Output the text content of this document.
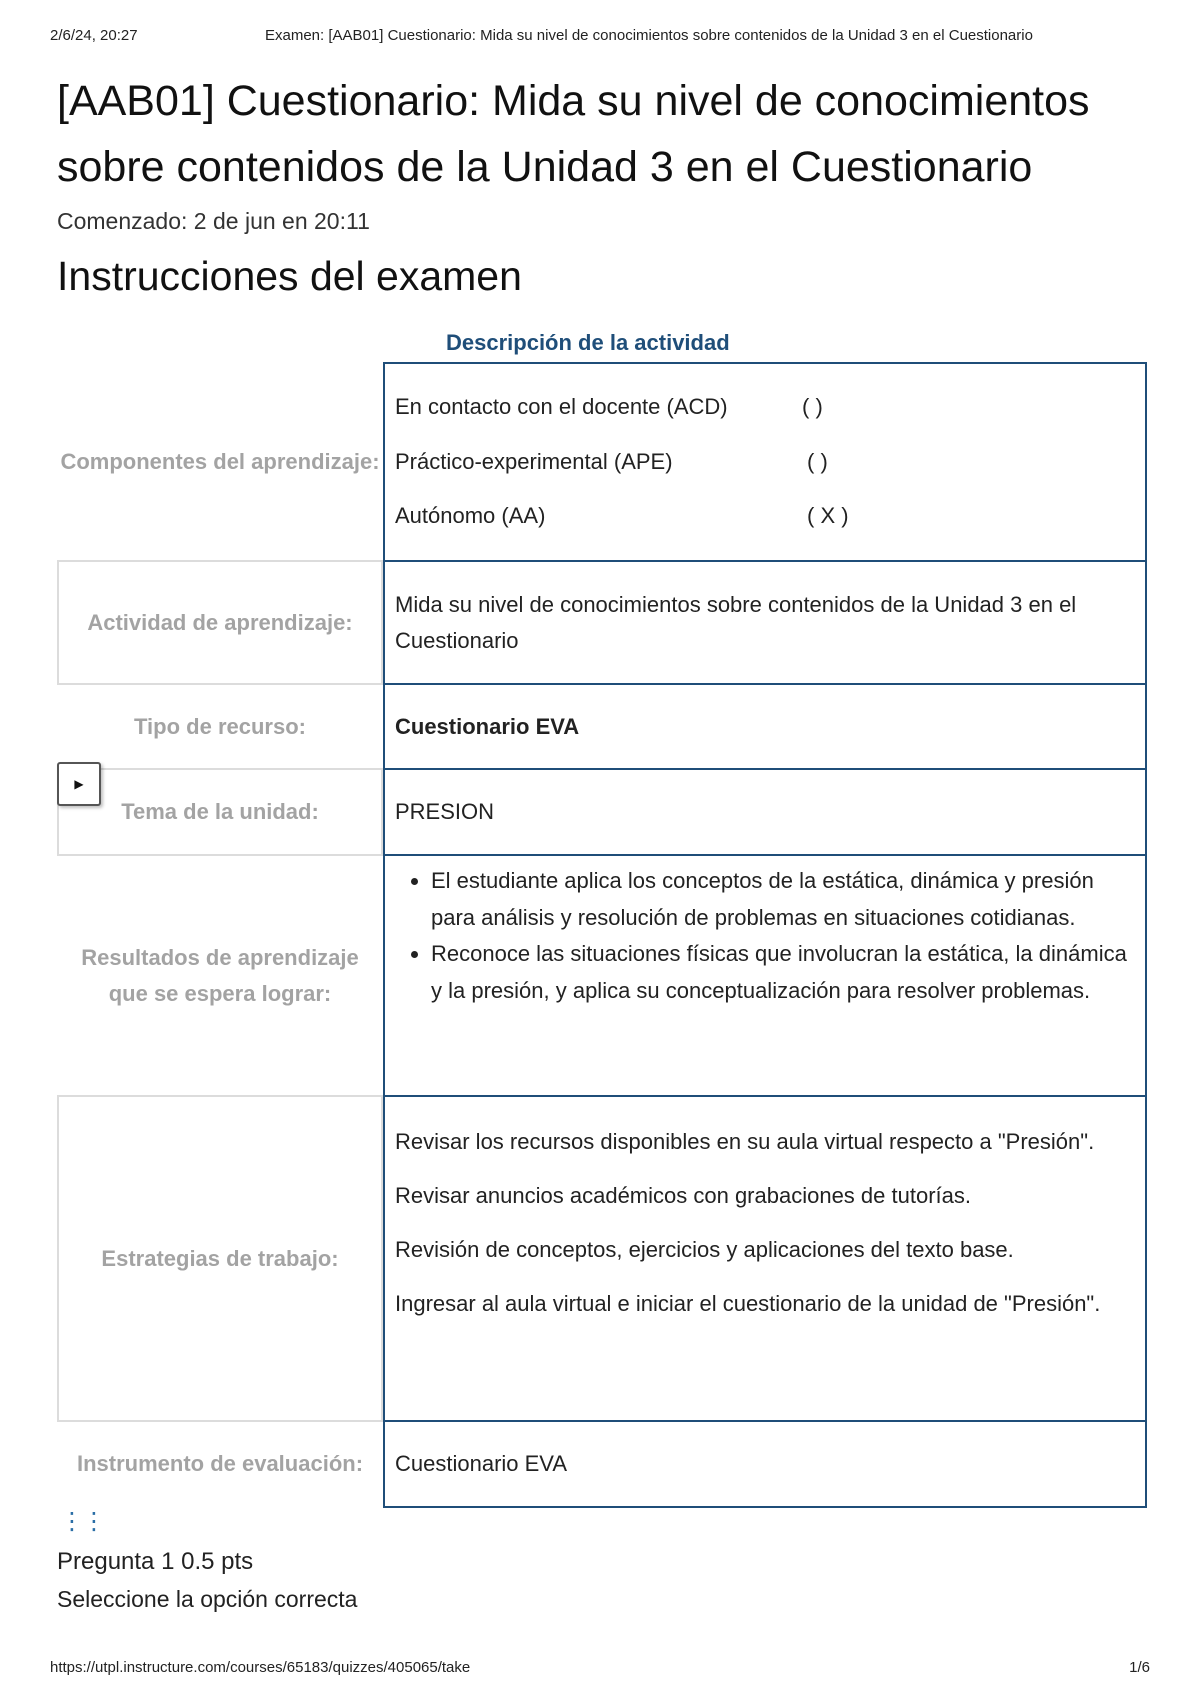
2/6/24, 20:27	Examen: [AAB01] Cuestionario: Mida su nivel de conocimientos sobre contenidos de la Unidad 3 en el Cuestionario
[AAB01] Cuestionario: Mida su nivel de conocimientos sobre contenidos de la Unidad 3 en el Cuestionario
Comenzado: 2 de jun en 20:11
Instrucciones del examen
Descripción de la actividad
Componentes del aprendizaje:
En contacto con el docente (ACD)	( )
Práctico-experimental (APE)	( )
Autónomo (AA)	( X )
Actividad de aprendizaje:
Mida su nivel de conocimientos sobre contenidos de la Unidad 3 en el Cuestionario
Tipo de recurso:	Cuestionario EVA
Tema de la unidad:	PRESION
Resultados de aprendizaje que se espera lograr:
• El estudiante aplica los conceptos de la estática, dinámica y presión para análisis y resolución de problemas en situaciones cotidianas.
• Reconoce las situaciones físicas que involucran la estática, la dinámica y la presión, y aplica su conceptualización para resolver problemas.
Estrategias de trabajo:
Revisar los recursos disponibles en su aula virtual respecto a "Presión".
Revisar anuncios académicos con grabaciones de tutorías.
Revisión de conceptos, ejercicios y aplicaciones del texto base.
Ingresar al aula virtual e iniciar el cuestionario de la unidad de "Presión".
Instrumento de evaluación:	Cuestionario EVA
▶
⋮⋮
Pregunta 1 0.5 pts
Seleccione la opción correcta
https://utpl.instructure.com/courses/65183/quizzes/405065/take	1/6
